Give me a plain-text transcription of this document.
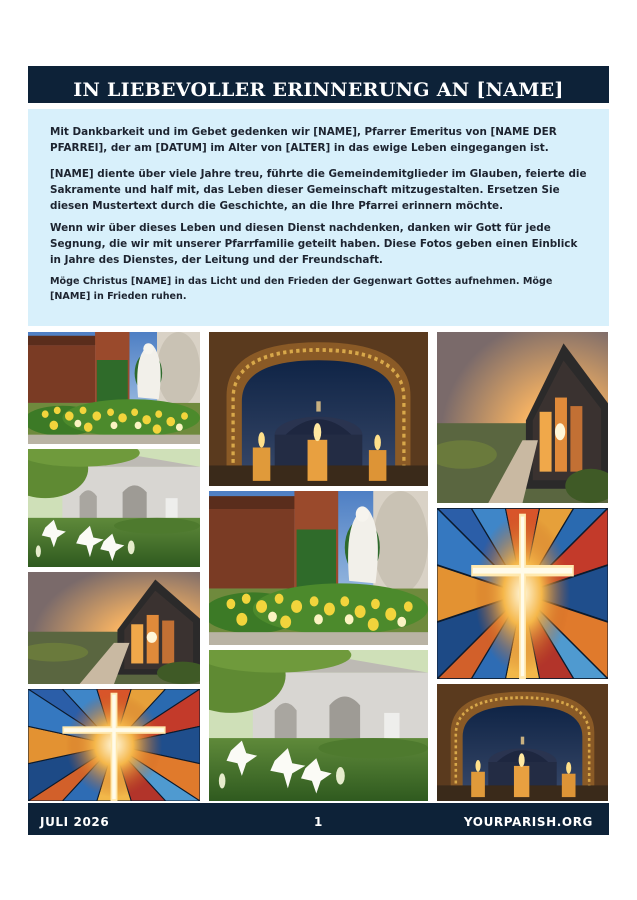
IN LIEBEVOLLER ERINNERUNG AN [NAME]

Mit Dankbarkeit und im Gebet gedenken wir [NAME], Pfarrer Emeritus von [NAME DER PFARREI], der am [DATUM] im Alter von [ALTER] in das ewige Leben eingegangen ist.

[NAME] diente über viele Jahre treu, führte die Gemeindemitglieder im Glauben, feierte die Sakramente und half mit, das Leben dieser Gemeinschaft mitzugestalten. Ersetzen Sie diesen Mustertext durch die Geschichte, an die Ihre Pfarrei erinnern möchte.

Wenn wir über dieses Leben und diesen Dienst nachdenken, danken wir Gott für jede Segnung, die wir mit unserer Pfarrfamilie geteilt haben. Diese Fotos geben einen Einblick in Jahre des Dienstes, der Leitung und der Freundschaft.

Möge Christus [NAME] in das Licht und den Frieden der Gegenwart Gottes aufnehmen. Möge [NAME] in Frieden ruhen.

JULI 2026	1	YOURPARISH.ORG
